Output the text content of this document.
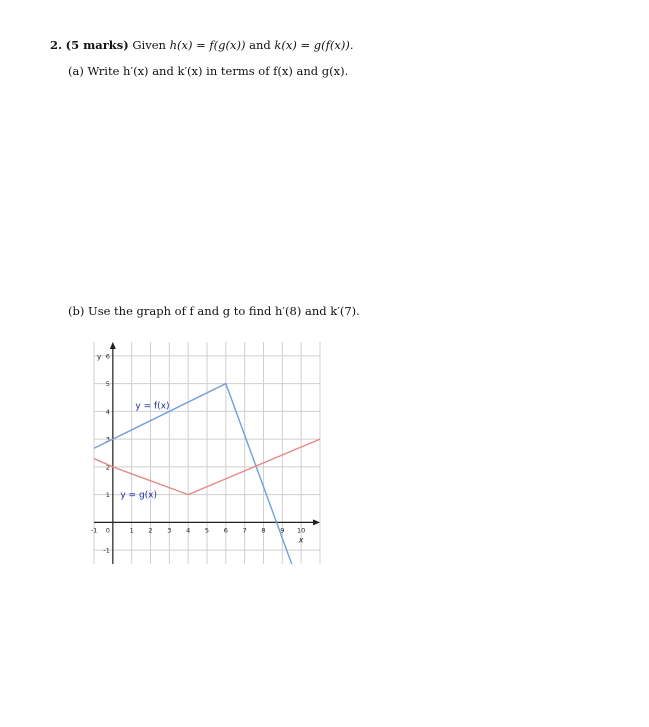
2. (5 marks) Given h(x) = f(g(x)) and k(x) = g(f(x)).
(a) Write h′(x) and k′(x) in terms of f(x) and g(x).
(b) Use the graph of f and g to find h′(8) and k′(7).
-1	1 2 3 4 5 6 7 8 9 10
0
-1
1
2
3
4
5
6
x
y
y = f(x)
y = g(x)
